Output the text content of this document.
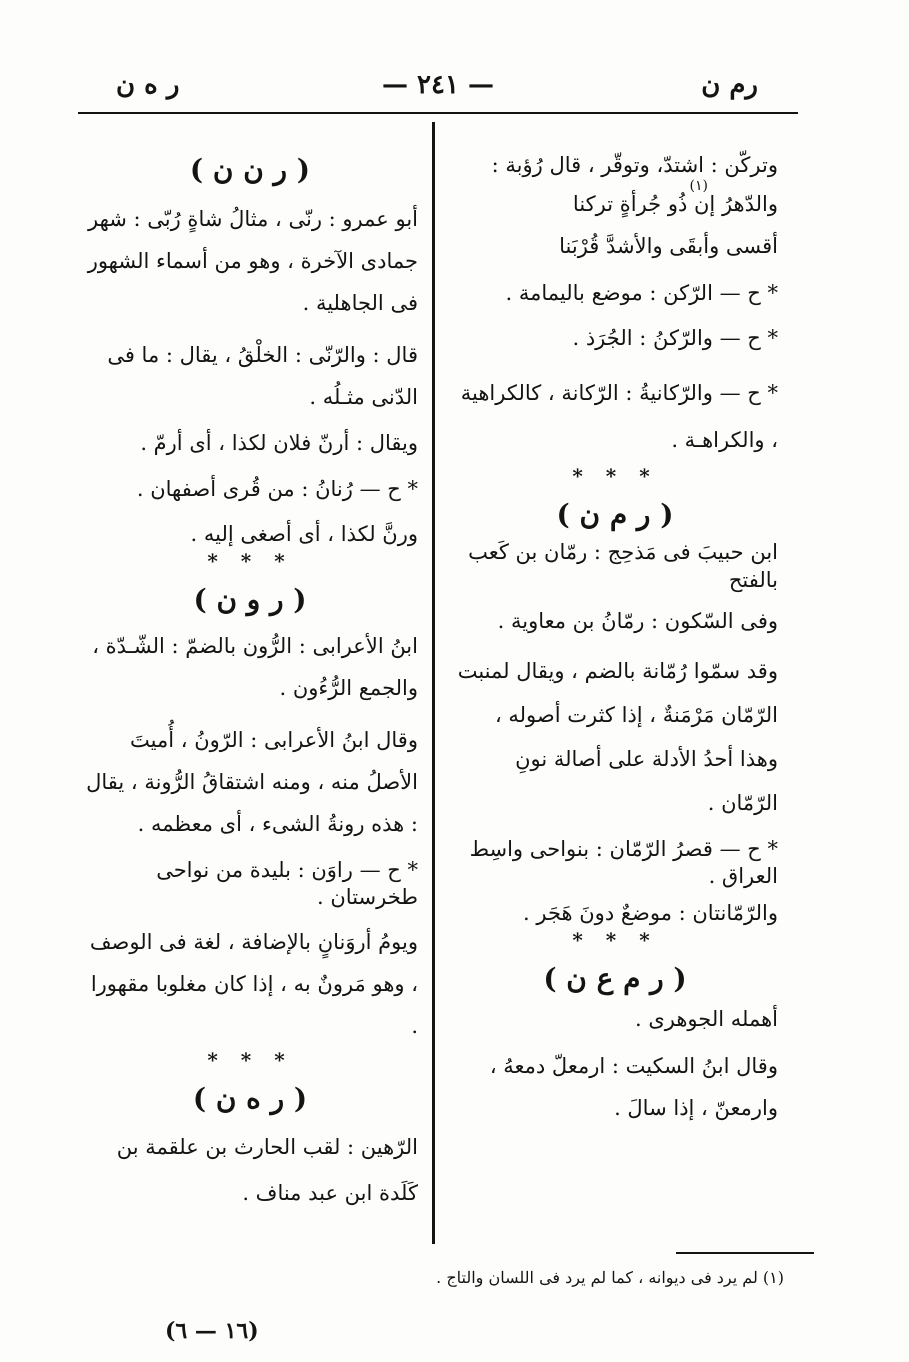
رم ن
— ٢٤١ —
ر ه ن

وتركّن : اشتدّ، وتوقّر ، قال رُؤبة :

(١)

والدّهرُ إن ذُو جُرأةٍ تركنا

أقسى وأبقَى والأشدَّ قُرْبَنا

* ح — الرّكن : موضع باليمامة .

* ح — والرّكنُ : الجُرَذ .

* ح — والرّكانيةُ : الرّكانة ، كالكراهية ، والكراهـة .

* * *
( ر م ن )

ابن حبيبَ فى مَذحِج : رمّان بن كَعب بالفتح

وفى السّكون : رمّانُ بن معاوية .

وقد سمّوا رُمّانة بالضم ، ويقال لمنبت الرّمّان مَرْمَنةٌ ، إذا كثرت أصوله ، وهذا أحدُ الأدلة على أصالة نونِ الرّمّان .

* ح — قصرُ الرّمّان : بنواحى واسِط العراق .

والرّمّانتان : موضعٌ دونَ هَجَر .

* * *
( ر م ع ن )

أهمله الجوهرى .

وقال ابنُ السكيت : ارمعلّ دمعهُ ، وارمعنّ ، إذا سالَ .

( ر ن ن )

أبو عمرو : رنّى ، مثالُ شاةٍ رُبّى : شهر جمادى الآخرة ، وهو من أسماء الشهور فى الجاهلية .

قال : والرّنّى : الخلْقُ ، يقال : ما فى الدّنى مثـلُه .

ويقال : أرنّ فلان لكذا ، أى أرمّ .

* ح — رُنانُ : من قُرى أصفهان .

ورنَّ لكذا ، أى أصغى إليه .

* * *
( ر و ن )

ابنُ الأعرابى : الرُّون بالضمّ : الشّـدّة ، والجمع الرُّءُون .

وقال ابنُ الأعرابى : الرّونُ ، أُميتَ الأصلُ منه ، ومنه اشتقاقُ الرُّونة ، يقال : هذه رونةُ الشىء ، أى معظمه .

* ح — راوَن : بليدة من نواحى طخرستان .

ويومُ أروَنانٍ بالإضافة ، لغة فى الوصف ، وهو مَرونٌ به ، إذا كان مغلوبا مقهورا .

* * *
( ر ه ن )

الرّهين : لقب الحارث بن علقمة بن كَلَدة ابن عبد مناف .

(١) لم يرد فى ديوانه ، كما لم يرد فى اللسان والتاج .
(١٦ — ٦)
